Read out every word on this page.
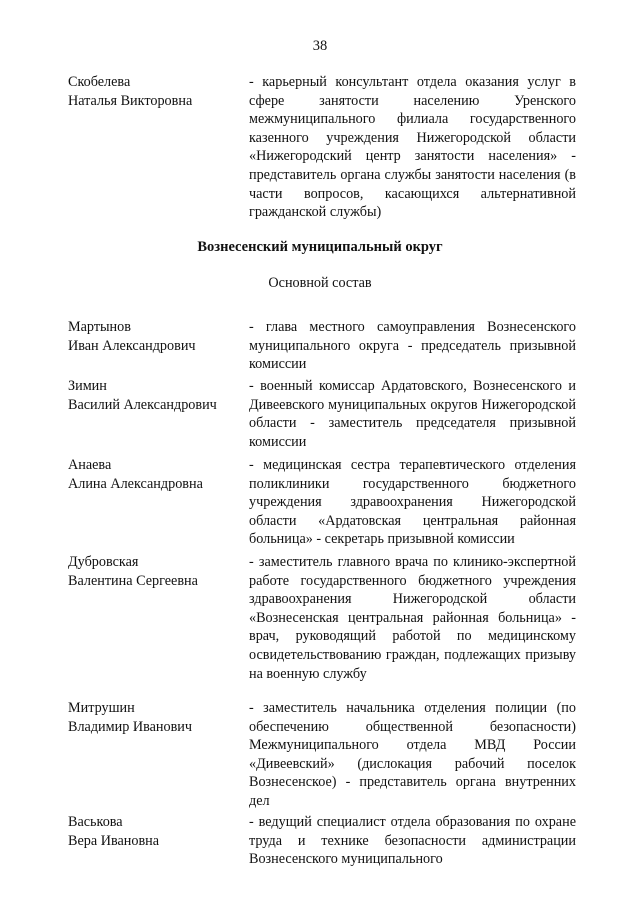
38
Скобелева
Наталья Викторовна
- карьерный консультант отдела оказания услуг в сфере занятости населению Уренского межмуниципального филиала государственного казенного учреждения Нижегородской области «Нижегородский центр занятости населения» - представитель органа службы занятости населения (в части вопросов, касающихся альтернативной гражданской службы)
Вознесенский муниципальный округ
Основной состав
Мартынов
Иван Александрович
- глава местного самоуправления Вознесенского муниципального округа - председатель призывной комиссии
Зимин
Василий Александрович
- военный комиссар Ардатовского, Вознесенского и Дивеевского муниципальных округов Нижегородской области - заместитель председателя призывной комиссии
Анаева
Алина Александровна
- медицинская сестра терапевтического отделения поликлиники государственного бюджетного учреждения здравоохранения Нижегородской области «Ардатовская центральная районная больница» - секретарь призывной комиссии
Дубровская
Валентина Сергеевна
- заместитель главного врача по клинико-экспертной работе государственного бюджетного учреждения здравоохранения Нижегородской области «Вознесенская центральная районная больница» - врач, руководящий работой по медицинскому освидетельствованию граждан, подлежащих призыву на военную службу
Митрушин
Владимир Иванович
- заместитель начальника отделения полиции (по обеспечению общественной безопасности) Межмуниципального отдела МВД России «Дивеевский» (дислокация рабочий поселок Вознесенское) - представитель органа внутренних дел
Васькова
Вера Ивановна
- ведущий специалист отдела образования по охране труда и технике безопасности администрации Вознесенского муниципального
